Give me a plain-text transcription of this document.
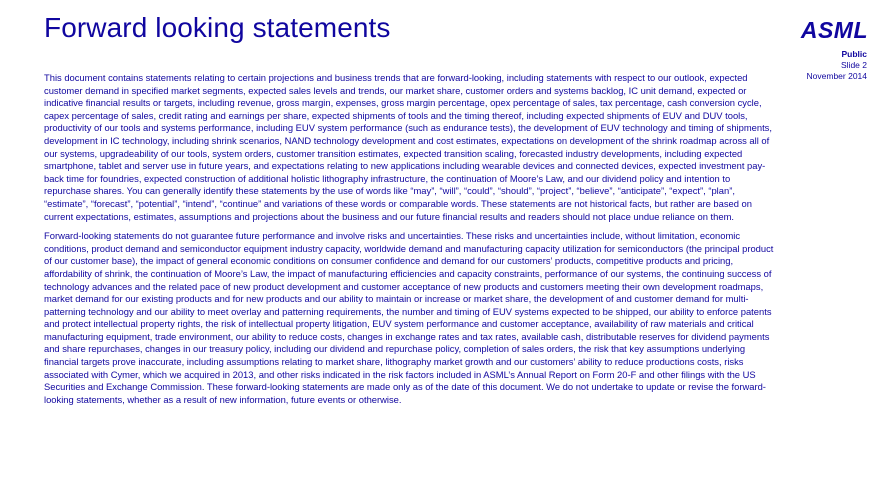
Forward looking statements	ASML
Public
Slide 2
November 2014

This document contains statements relating to certain projections and business trends that are forward-looking, including statements with respect to our outlook, expected customer demand in specified market segments, expected sales levels and trends, our market share, customer orders and systems backlog, IC unit demand, expected or indicative financial results or targets, including revenue, gross margin, expenses, gross margin percentage, opex percentage of sales, tax percentage, cash conversion cycle, capex percentage of sales, credit rating and earnings per share, expected shipments of tools and the timing thereof, including expected shipments of EUV and DUV tools, productivity of our tools and systems performance, including EUV system performance (such as endurance tests), the development of EUV technology and timing of shipments, development in IC technology, including shrink scenarios, NAND technology development and cost estimates, expectations on development of the shrink roadmap across all of our systems, upgradeability of our tools, system orders, customer transition estimates, expected transition scaling, forecasted industry developments, including expected smartphone, tablet and server use in future years, and expectations relating to new applications including wearable devices and connected devices, expected investment pay-back time for foundries, expected construction of additional holistic lithography infrastructure, the continuation of Moore’s Law, and our dividend policy and intention to repurchase shares. You can generally identify these statements by the use of words like “may”, “will”, “could”, “should”, “project”, “believe”, “anticipate”, “expect”, “plan”, “estimate”, “forecast”, “potential”, “intend”, “continue” and variations of these words or comparable words. These statements are not historical facts, but rather are based on current expectations, estimates, assumptions and projections about the business and our future financial results and readers should not place undue reliance on them.

Forward-looking statements do not guarantee future performance and involve risks and uncertainties. These risks and uncertainties include, without limitation, economic conditions, product demand and semiconductor equipment industry capacity, worldwide demand and manufacturing capacity utilization for semiconductors (the principal product of our customer base), the impact of general economic conditions on consumer confidence and demand for our customers’ products, competitive products and pricing, affordability of shrink, the continuation of Moore’s Law, the impact of manufacturing efficiencies and capacity constraints, performance of our systems, the continuing success of technology advances and the related pace of new product development and customer acceptance of new products and customers meeting their own development roadmaps, market demand for our existing products and for new products and our ability to maintain or increase or market share, the development of and customer demand for multi-patterning technology and our ability to meet overlay and patterning requirements, the number and timing of EUV systems expected to be shipped, our ability to enforce patents and protect intellectual property rights, the risk of intellectual property litigation, EUV system performance and customer acceptance, availability of raw materials and critical manufacturing equipment, trade environment, our ability to reduce costs, changes in exchange rates and tax rates, available cash, distributable reserves for dividend payments and share repurchases, changes in our treasury policy, including our dividend and repurchase policy, completion of sales orders, the risk that key assumptions underlying financial targets prove inaccurate, including assumptions relating to market share, lithography market growth and our customers’ ability to reduce productions costs, risks associated with Cymer, which we acquired in 2013, and other risks indicated in the risk factors included in ASML’s Annual Report on Form 20-F and other filings with the US Securities and Exchange Commission. These forward-looking statements are made only as of the date of this document. We do not undertake to update or revise the forward-looking statements, whether as a result of new information, future events or otherwise.
